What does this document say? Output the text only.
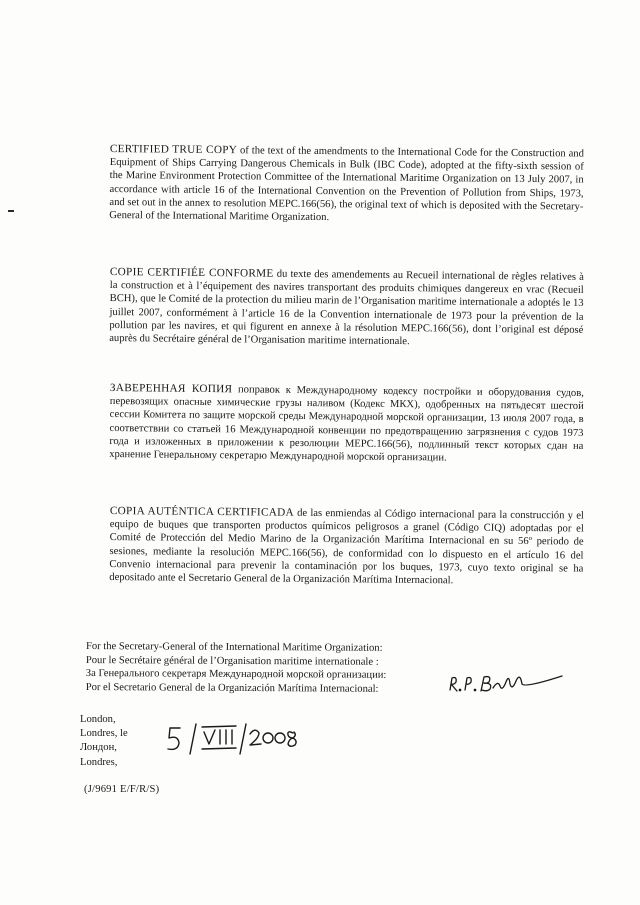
CERTIFIED TRUE COPY of the text of the amendments to the International Code for the Construction and Equipment of Ships Carrying Dangerous Chemicals in Bulk (IBC Code), adopted at the fifty-sixth session of the Marine Environment Protection Committee of the International Maritime Organization on 13 July 2007, in accordance with article 16 of the International Convention on the Prevention of Pollution from Ships, 1973, and set out in the annex to resolution MEPC.166(56), the original text of which is deposited with the Secretary-General of the International Maritime Organization.

COPIE CERTIFIÉE CONFORME du texte des amendements au Recueil international de règles relatives à la construction et à l’équipement des navires transportant des produits chimiques dangereux en vrac (Recueil BCH), que le Comité de la protection du milieu marin de l’Organisation maritime internationale a adoptés le 13 juillet 2007, conformément à l’article 16 de la Convention internationale de 1973 pour la prévention de la pollution par les navires, et qui figurent en annexe à la résolution MEPC.166(56), dont l’original est déposé auprès du Secrétaire général de l’Organisation maritime internationale.

ЗАВЕРЕННАЯ КОПИЯ поправок к Международному кодексу постройки и оборудования судов, перевозящих опасные химические грузы наливом (Кодекс МКХ), одобренных на пятьдесят шестой сессии Комитета по защите морской среды Международной морской организации, 13 июля 2007 года, в соответствии со статьей 16 Международной конвенции по предотвращению загрязнения с судов 1973 года и изложенных в приложении к резолюции MEPC.166(56), подлинный текст которых сдан на хранение Генеральному секретарю Международной морской организации.

COPIA AUTÉNTICA CERTIFICADA de las enmiendas al Código internacional para la construcción y el equipo de buques que transporten productos químicos peligrosos a granel (Código CIQ) adoptadas por el Comité de Protección del Medio Marino de la Organización Marítima Internacional en su 56º periodo de sesiones, mediante la resolución MEPC.166(56), de conformidad con lo dispuesto en el artículo 16 del Convenio internacional para prevenir la contaminación por los buques, 1973, cuyo texto original se ha depositado ante el Secretario General de la Organización Marítima Internacional.

For the Secretary-General of the International Maritime Organization:
Pour le Secrétaire général de l’Organisation maritime internationale :
За Генерального секретаря Международной морской организации:
Por el Secretario General de la Organización Marítima Internacional:
London,
Londres, le
Лондон,
Londres,
(J/9691 E/F/R/S)
